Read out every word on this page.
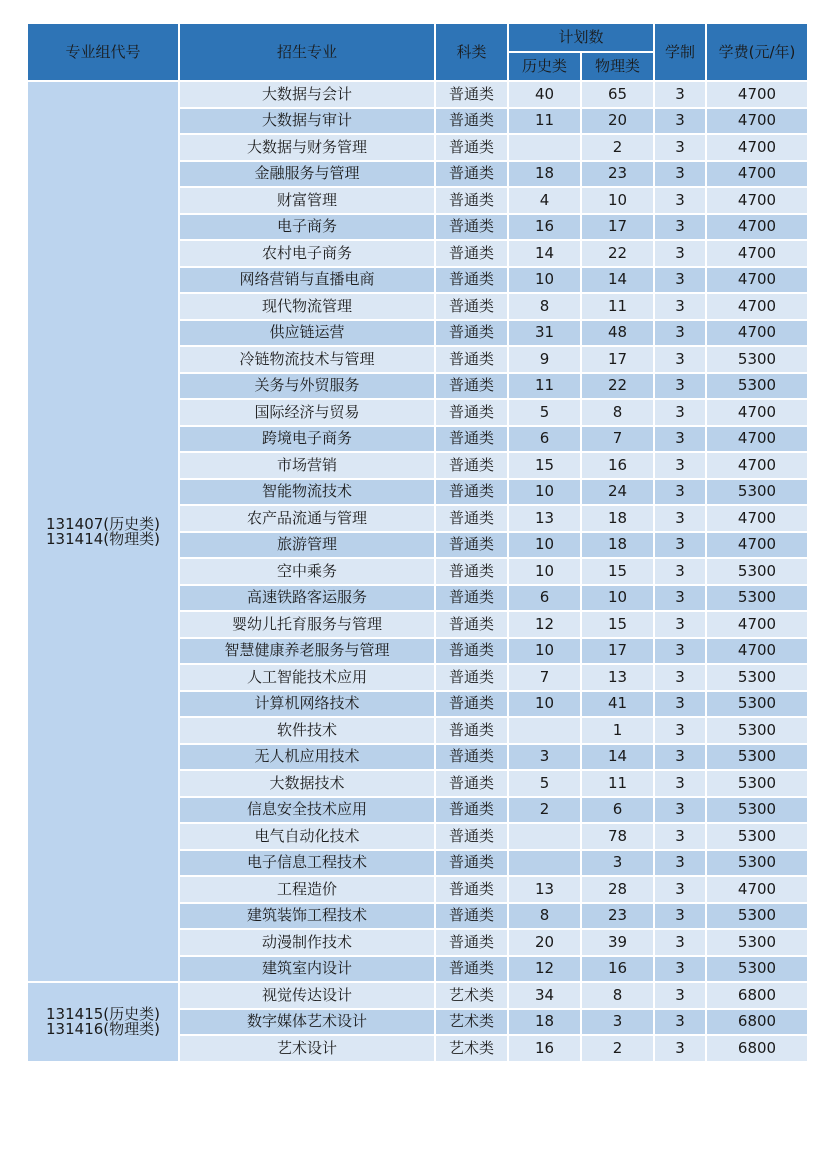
专业组代号	招生专业	科类	计划数		学制	学费(元/年)
			历史类	物理类		

131407(历史类)
131414(物理类)	大数据与会计	普通类	40	65	3	4700
	大数据与审计	普通类	11	20	3	4700
	大数据与财务管理	普通类		2	3	4700
	金融服务与管理	普通类	18	23	3	4700
	财富管理	普通类	4	10	3	4700
	电子商务	普通类	16	17	3	4700
	农村电子商务	普通类	14	22	3	4700
	网络营销与直播电商	普通类	10	14	3	4700
	现代物流管理	普通类	8	11	3	4700
	供应链运营	普通类	31	48	3	4700
	冷链物流技术与管理	普通类	9	17	3	5300
	关务与外贸服务	普通类	11	22	3	5300
	国际经济与贸易	普通类	5	8	3	4700
	跨境电子商务	普通类	6	7	3	4700
	市场营销	普通类	15	16	3	4700
	智能物流技术	普通类	10	24	3	5300
	农产品流通与管理	普通类	13	18	3	4700
	旅游管理	普通类	10	18	3	4700
	空中乘务	普通类	10	15	3	5300
	高速铁路客运服务	普通类	6	10	3	5300
	婴幼儿托育服务与管理	普通类	12	15	3	4700
	智慧健康养老服务与管理	普通类	10	17	3	4700
	人工智能技术应用	普通类	7	13	3	5300
	计算机网络技术	普通类	10	41	3	5300
	软件技术	普通类		1	3	5300
	无人机应用技术	普通类	3	14	3	5300
	大数据技术	普通类	5	11	3	5300
	信息安全技术应用	普通类	2	6	3	5300
	电气自动化技术	普通类		78	3	5300
	电子信息工程技术	普通类		3	3	5300
	工程造价	普通类	13	28	3	4700
	建筑装饰工程技术	普通类	8	23	3	5300
	动漫制作技术	普通类	20	39	3	5300
	建筑室内设计	普通类	12	16	3	5300

131415(历史类)
131416(物理类)	视觉传达设计	艺术类	34	8	3	6800
	数字媒体艺术设计	艺术类	18	3	3	6800
	艺术设计	艺术类	16	2	3	6800
